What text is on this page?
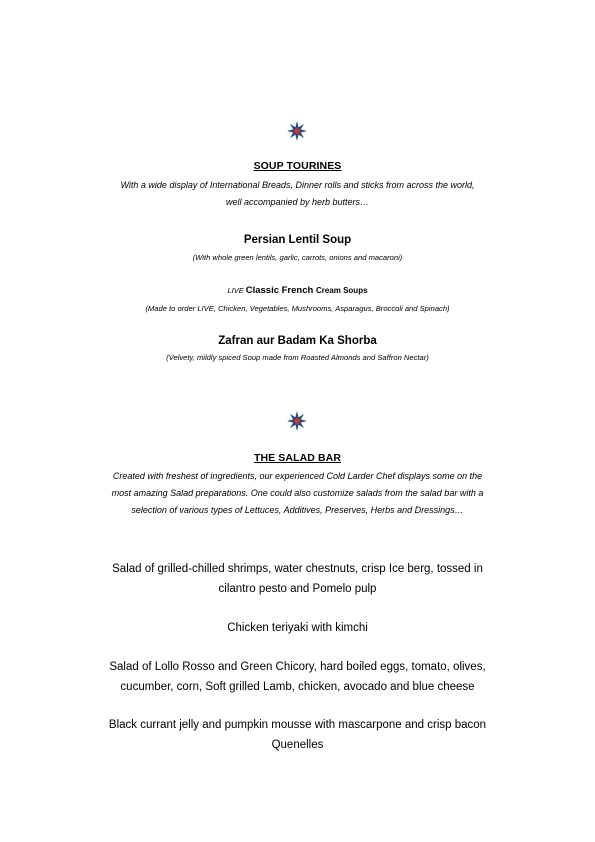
SOUP TOURINES
With a wide display of International Breads, Dinner rolls and sticks from across the world,
well accompanied by herb butters…
Persian Lentil Soup
(With whole green lentils, garlic, carrots, onions and macaroni)
LIVE Classic French Cream Soups
(Made to order LIVE, Chicken, Vegetables, Mushrooms, Asparagus, Broccoli and Spinach)
Zafran aur Badam Ka Shorba
(Velvety, mildly spiced Soup made from Roasted Almonds and Saffron Nectar)
THE SALAD BAR
Created with freshest of ingredients, our experienced Cold Larder Chef displays some on the
most amazing Salad preparations. One could also customize salads from the salad bar with a
selection of various types of Lettuces, Additives, Preserves, Herbs and Dressings…
Salad of grilled-chilled shrimps, water chestnuts, crisp Ice berg, tossed in
cilantro pesto and Pomelo pulp
Chicken teriyaki with kimchi
Salad of Lollo Rosso and Green Chicory, hard boiled eggs, tomato, olives,
cucumber, corn, Soft grilled Lamb, chicken, avocado and blue cheese
Black currant jelly and pumpkin mousse with mascarpone and crisp bacon
Quenelles
